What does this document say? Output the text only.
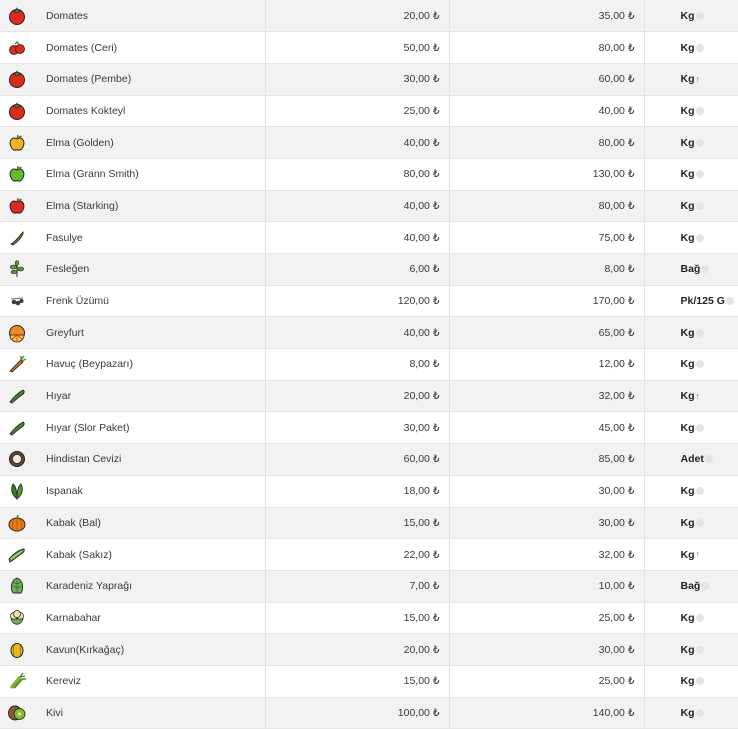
	Domates	20,00 ₺	35,00 ₺	Kg

	Domates (Ceri)	50,00 ₺	80,00 ₺	Kg

	Domates (Pembe)	30,00 ₺	60,00 ₺	Kg ↑

	Domates Kokteyl	25,00 ₺	40,00 ₺	Kg

	Elma (Golden)	40,00 ₺	80,00 ₺	Kg

	Elma (Grann Smith)	80,00 ₺	130,00 ₺	Kg

	Elma (Starking)	40,00 ₺	80,00 ₺	Kg

	Fasulye	40,00 ₺	75,00 ₺	Kg

	Fesleğen	6,00 ₺	8,00 ₺	Bağ

	Frenk Üzümü	120,00 ₺	170,00 ₺	Pk/125 G

	Greyfurt	40,00 ₺	65,00 ₺	Kg

	Havuç (Beypazarı)	8,00 ₺	12,00 ₺	Kg

	Hıyar	20,00 ₺	32,00 ₺	Kg ↑

	Hıyar (Slor Paket)	30,00 ₺	45,00 ₺	Kg

	Hindistan Cevizi	60,00 ₺	85,00 ₺	Adet

	Ispanak	18,00 ₺	30,00 ₺	Kg

	Kabak (Bal)	15,00 ₺	30,00 ₺	Kg

	Kabak (Sakız)	22,00 ₺	32,00 ₺	Kg ↑

	Karadeniz Yaprağı	7,00 ₺	10,00 ₺	Bağ

	Karnabahar	15,00 ₺	25,00 ₺	Kg

	Kavun(Kırkağaç)	20,00 ₺	30,00 ₺	Kg

	Kereviz	15,00 ₺	25,00 ₺	Kg

	Kivi	100,00 ₺	140,00 ₺	Kg
